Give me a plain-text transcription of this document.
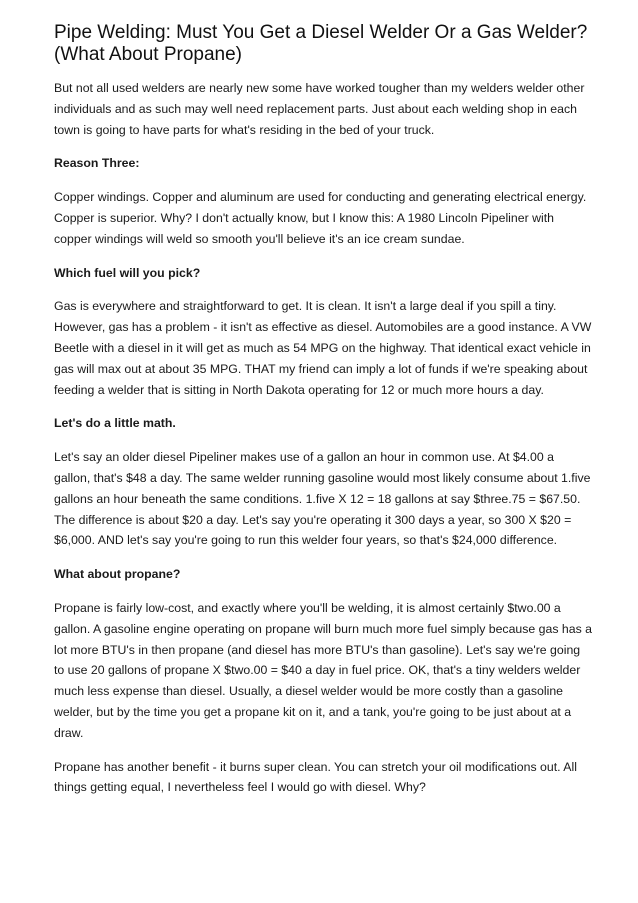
Pipe Welding: Must You Get a Diesel Welder Or a Gas Welder? (What About Propane)

But not all used welders are nearly new some have worked tougher than my welders welder other individuals and as such may well need replacement parts. Just about each welding shop in each town is going to have parts for what's residing in the bed of your truck.

Reason Three:

Copper windings. Copper and aluminum are used for conducting and generating electrical energy. Copper is superior. Why? I don't actually know, but I know this: A 1980 Lincoln Pipeliner with copper windings will weld so smooth you'll believe it's an ice cream sundae.

Which fuel will you pick?

Gas is everywhere and straightforward to get. It is clean. It isn't a large deal if you spill a tiny. However, gas has a problem - it isn't as effective as diesel. Automobiles are a good instance. A VW Beetle with a diesel in it will get as much as 54 MPG on the highway. That identical exact vehicle in gas will max out at about 35 MPG. THAT my friend can imply a lot of funds if we're speaking about feeding a welder that is sitting in North Dakota operating for 12 or much more hours a day.

Let's do a little math.

Let's say an older diesel Pipeliner makes use of a gallon an hour in common use. At $4.00 a gallon, that's $48 a day. The same welder running gasoline would most likely consume about 1.five gallons an hour beneath the same conditions. 1.five X 12 = 18 gallons at say $three.75 = $67.50. The difference is about $20 a day. Let's say you're operating it 300 days a year, so 300 X $20 = $6,000. AND let's say you're going to run this welder four years, so that's $24,000 difference.

What about propane?

Propane is fairly low-cost, and exactly where you'll be welding, it is almost certainly $two.00 a gallon. A gasoline engine operating on propane will burn much more fuel simply because gas has a lot more BTU's in then propane (and diesel has more BTU's than gasoline). Let's say we're going to use 20 gallons of propane X $two.00 = $40 a day in fuel price. OK, that's a tiny welders welder much less expense than diesel. Usually, a diesel welder would be more costly than a gasoline welder, but by the time you get a propane kit on it, and a tank, you're going to be just about at a draw.

Propane has another benefit - it burns super clean. You can stretch your oil modifications out. All things getting equal, I nevertheless feel I would go with diesel. Why?
